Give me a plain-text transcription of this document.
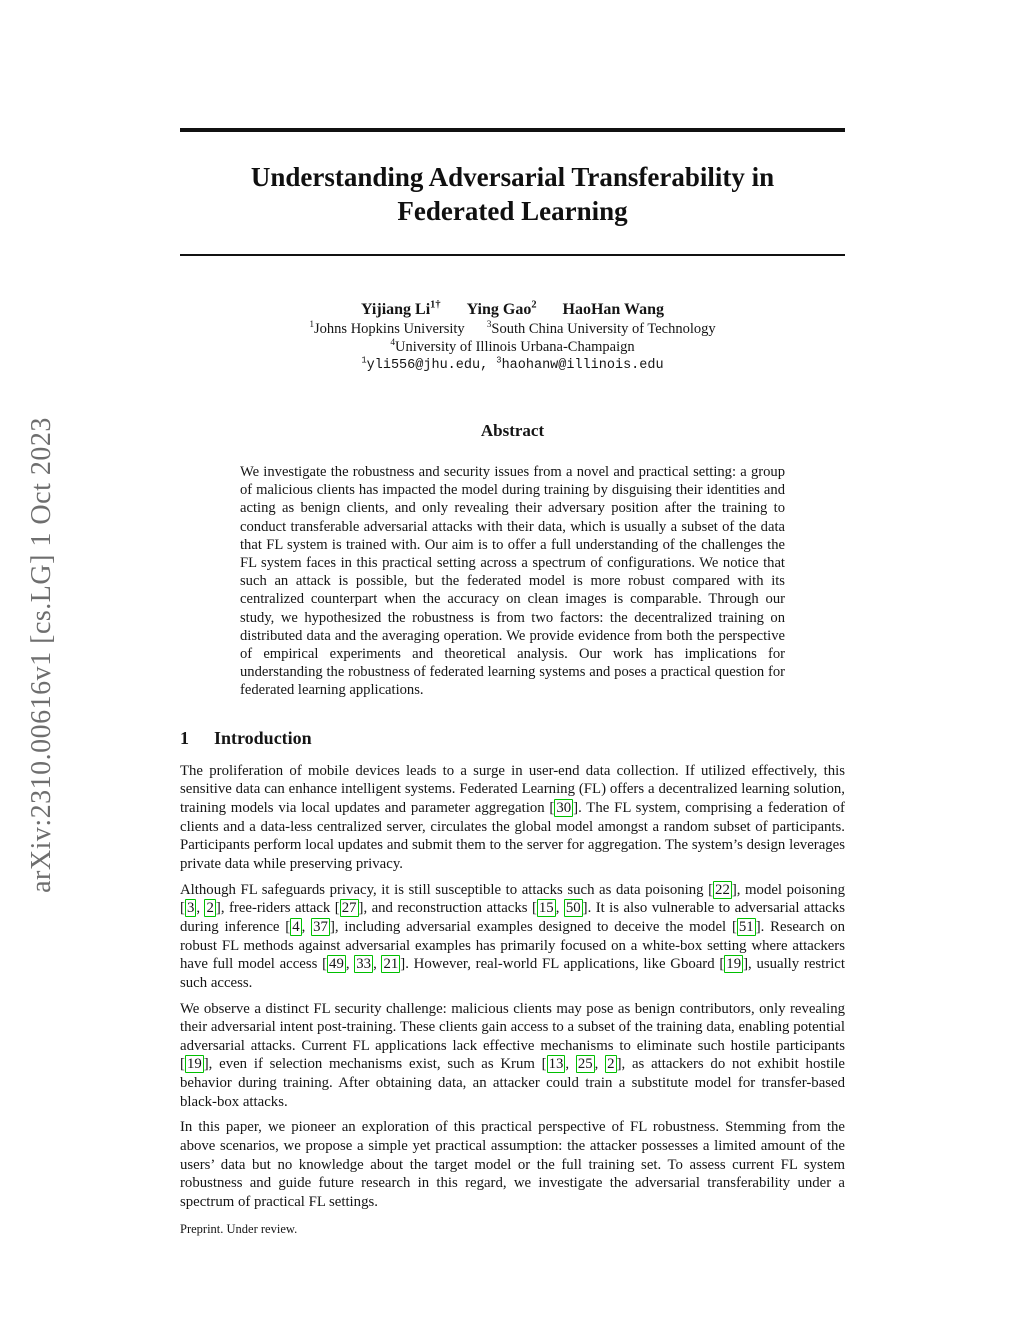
arXiv:2310.00616v1 [cs.LG] 1 Oct 2023
Understanding Adversarial Transferability in
Federated Learning
Yijiang $Li^{1\dagger}$ Ying Gao$^2$ HaoHan Wang
$^1$Johns Hopkins University $^3$South China University of Technology
$^4$University of Illinois Urbana-Champaign
$^1$yli556@jhu.edu, $^3$haohanw@illinois.edu
Abstract

We investigate the robustness and security issues from a novel and practical setting: a group of malicious clients has impacted the model during training by disguising their identities and acting as benign clients, and only revealing their adversary position after the training to conduct transferable adversarial attacks with their data, which is usually a subset of the data that FL system is trained with. Our aim is to offer a full understanding of the challenges the FL system faces in this practical setting across a spectrum of configurations. We notice that such an attack is possible, but the federated model is more robust compared with its centralized counterpart when the accuracy on clean images is comparable. Through our study, we hypothesized the robustness is from two factors: the decentralized training on distributed data and the averaging operation. We provide evidence from both the perspective of empirical experiments and theoretical analysis. Our work has implications for understanding the robustness of federated learning systems and poses a practical question for federated learning applications.

1 Introduction

The proliferation of mobile devices leads to a surge in user-end data collection. If utilized effectively, this sensitive data can enhance intelligent systems. Federated Learning (FL) offers a decentralized learning solution, training models via local updates and parameter aggregation [ 30 ]. The FL system, comprising a federation of clients and a data-less centralized server, circulates the global model amongst a random subset of participants. Participants perform local updates and submit them to the server for aggregation. The system’s design leverages private data while preserving privacy.

Although FL safeguards privacy, it is still susceptible to attacks such as data poisoning [ 22 ], model poisoning [ 3 , 2 ], free-riders attack [ 27 ], and reconstruction attacks [ 15 , 50 ]. It is also vulnerable to adversarial attacks during inference [ 4 , 37 ], including adversarial examples designed to deceive the model [ 51 ]. Research on robust FL methods against adversarial examples has primarily focused on a white-box setting where attackers have full model access [ 49 , 33 , 21 ]. However, real-world FL applications, like Gboard [ 19 ], usually restrict such access.

We observe a distinct FL security challenge: malicious clients may pose as benign contributors, only revealing their adversarial intent post-training. These clients gain access to a subset of the training data, enabling potential adversarial attacks. Current FL applications lack effective mechanisms to eliminate such hostile participants [ 19 ], even if selection mechanisms exist, such as Krum [ 13 , 25 , 2 ], as attackers do not exhibit hostile behavior during training. After obtaining data, an attacker could train a substitute model for transfer-based black-box attacks.

In this paper, we pioneer an exploration of this practical perspective of FL robustness. Stemming from the above scenarios, we propose a simple yet practical assumption: the attacker possesses a limited amount of the users’ data but no knowledge about the target model or the full training set. To assess current FL system robustness and guide future research in this regard, we investigate the adversarial transferability under a spectrum of practical FL settings.

Preprint. Under review.
